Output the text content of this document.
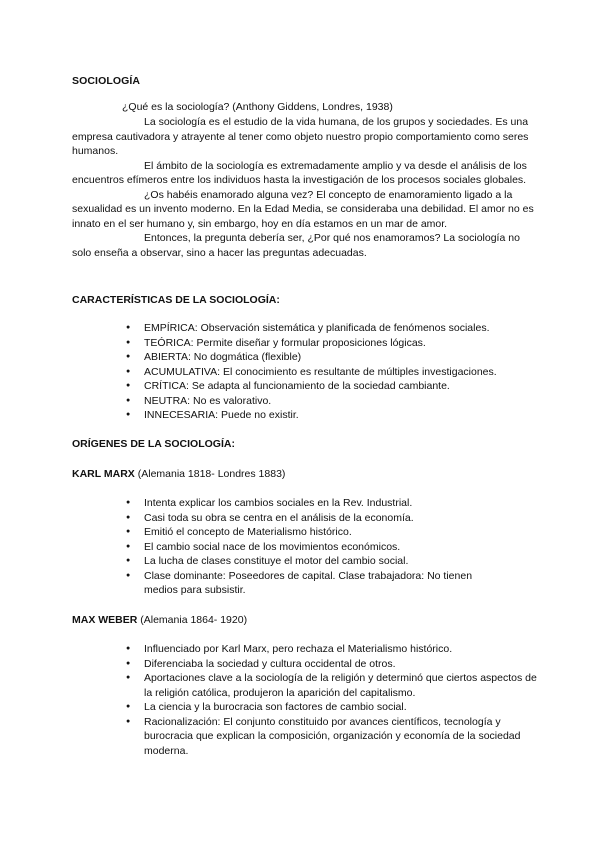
SOCIOLOGÍA
¿Qué es la sociología? (Anthony Giddens, Londres, 1938)

La sociología es el estudio de la vida humana, de los grupos y sociedades. Es una empresa cautivadora y atrayente al tener como objeto nuestro propio comportamiento como seres humanos.

El ámbito de la sociología es extremadamente amplio y va desde el análisis de los encuentros efímeros entre los individuos hasta la investigación de los procesos sociales globales.

¿Os habéis enamorado alguna vez? El concepto de enamoramiento ligado a la sexualidad es un invento moderno. En la Edad Media, se consideraba una debilidad. El amor no es innato en el ser humano y, sin embargo, hoy en día estamos en un mar de amor.

Entonces, la pregunta debería ser, ¿Por qué nos enamoramos? La sociología no solo enseña a observar, sino a hacer las preguntas adecuadas.

CARACTERÍSTICAS DE LA SOCIOLOGÍA:
● EMPÍRICA: Observación sistemática y planificada de fenómenos sociales.
● TEÓRICA: Permite diseñar y formular proposiciones lógicas.
● ABIERTA: No dogmática (flexible)
● ACUMULATIVA: El conocimiento es resultante de múltiples investigaciones.
● CRÍTICA: Se adapta al funcionamiento de la sociedad cambiante.
● NEUTRA: No es valorativo.
● INNECESARIA: Puede no existir.
ORÍGENES DE LA SOCIOLOGÍA:
KARL MARX (Alemania 1818- Londres 1883)
● Intenta explicar los cambios sociales en la Rev. Industrial.
● Casi toda su obra se centra en el análisis de la economía.
● Emitió el concepto de Materialismo histórico.
● El cambio social nace de los movimientos económicos.
● La lucha de clases constituye el motor del cambio social.
● Clase dominante: Poseedores de capital. Clase trabajadora: No tienen medios para subsistir.
MAX WEBER (Alemania 1864- 1920)
● Influenciado por Karl Marx, pero rechaza el Materialismo histórico.
● Diferenciaba la sociedad y cultura occidental de otros.
● Aportaciones clave a la sociología de la religión y determinó que ciertos aspectos de la religión católica, produjeron la aparición del capitalismo.
● La ciencia y la burocracia son factores de cambio social.
● Racionalización: El conjunto constituido por avances científicos, tecnología y burocracia que explican la composición, organización y economía de la sociedad moderna.
